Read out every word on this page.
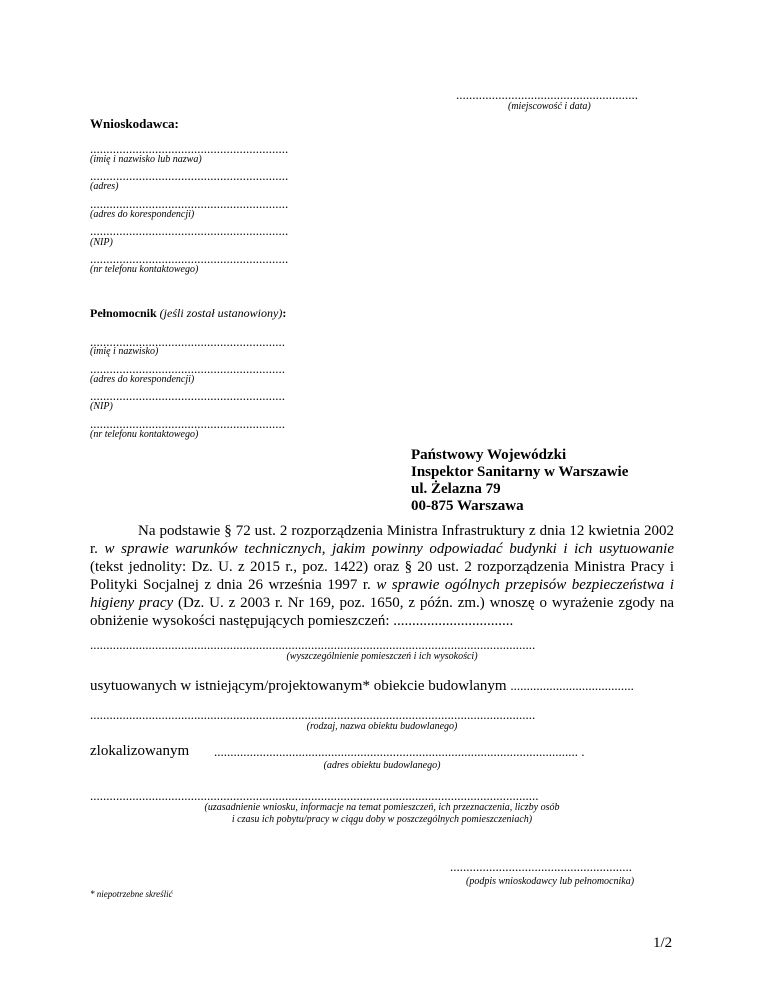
........................................................
(miejscowość i data)
Wnioskodawca:
.............................................................
(imię i nazwisko lub nazwa)
.............................................................
(adres)
.............................................................
(adres do korespondencji)
.............................................................
(NIP)
.............................................................
(nr telefonu kontaktowego)
Pełnomocnik (jeśli został ustanowiony):
............................................................
(imię i nazwisko)
............................................................
(adres do korespondencji)
............................................................
(NIP)
............................................................
(nr telefonu kontaktowego)
Państwowy Wojewódzki
Inspektor Sanitarny w Warszawie
ul. Żelazna 79
00-875 Warszawa
Na podstawie § 72 ust. 2 rozporządzenia Ministra Infrastruktury z dnia 12 kwietnia 2002 r. w sprawie warunków technicznych, jakim powinny odpowiadać budynki i ich usytuowanie (tekst jednolity: Dz. U. z 2015 r., poz. 1422) oraz § 20 ust. 2 rozporządzenia Ministra Pracy i Polityki Socjalnej z dnia 26 września 1997 r. w sprawie ogólnych przepisów bezpieczeństwa i higieny pracy (Dz. U. z 2003 r. Nr 169, poz. 1650, z późn. zm.) wnoszę o wyrażenie zgody na obniżenie wysokości następujących pomieszczeń: ................................
.........................................................................................................................................
(wyszczególnienie pomieszczeń i ich wysokości)
usytuowanych w istniejącym/projektowanym* obiekcie budowlanym ......................................
.........................................................................................................................................
(rodzaj, nazwa obiektu budowlanego)
zlokalizowanym ................................................................................................................ .
(adres obiektu budowlanego)
..........................................................................................................................................
(uzasadnienie wniosku, informacje na temat pomieszczeń, ich przeznaczenia, liczby osób
i czasu ich pobytu/pracy w ciągu doby w poszczególnych pomieszczeniach)
........................................................
(podpis wnioskodawcy lub pełnomocnika)
* niepotrzebne skreślić
1/2
